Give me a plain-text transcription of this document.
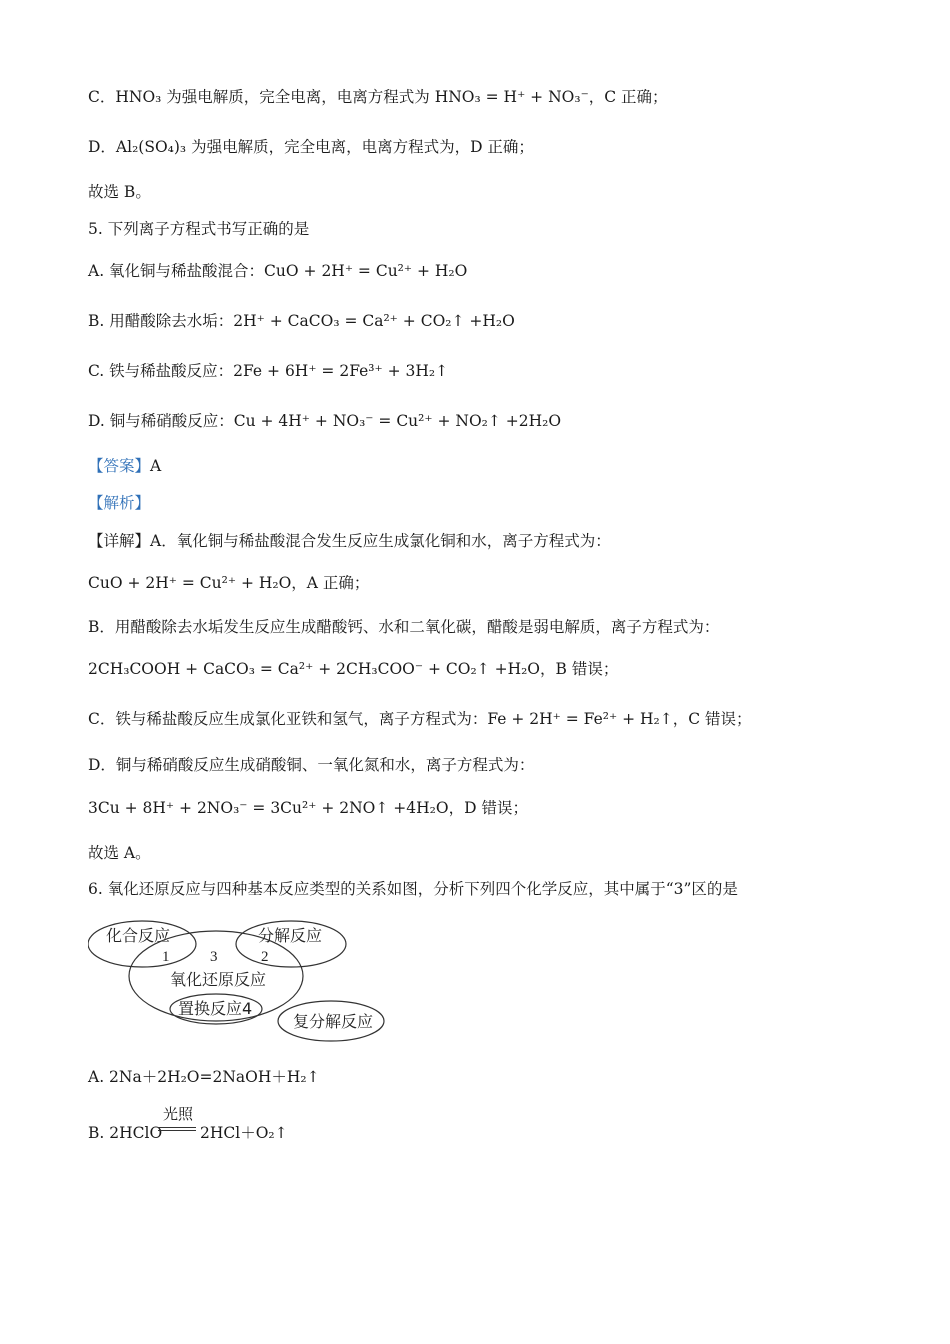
C．HNO₃ 为强电解质，完全电离，电离方程式为 HNO₃ = H⁺ + NO₃⁻，C 正确；
D．Al₂(SO₄)₃ 为强电解质，完全电离，电离方程式为，D 正确；
故选 B。
5. 下列离子方程式书写正确的是
A. 氧化铜与稀盐酸混合：CuO + 2H⁺ = Cu²⁺ + H₂O
B. 用醋酸除去水垢：2H⁺ + CaCO₃ = Ca²⁺ + CO₂↑ +H₂O
C. 铁与稀盐酸反应：2Fe + 6H⁺ = 2Fe³⁺ + 3H₂↑
D. 铜与稀硝酸反应：Cu + 4H⁺ + NO₃⁻ = Cu²⁺ + NO₂↑ +2H₂O
【答案】A
【解析】
【详解】A．氧化铜与稀盐酸混合发生反应生成氯化铜和水，离子方程式为：
CuO + 2H⁺ = Cu²⁺ + H₂O，A 正确；
B．用醋酸除去水垢发生反应生成醋酸钙、水和二氧化碳，醋酸是弱电解质，离子方程式为：
2CH₃COOH + CaCO₃ = Ca²⁺ + 2CH₃COO⁻ + CO₂↑ +H₂O，B 错误；
C．铁与稀盐酸反应生成氯化亚铁和氢气，离子方程式为：Fe + 2H⁺ = Fe²⁺ + H₂↑，C 错误；
D．铜与稀硝酸反应生成硝酸铜、一氧化氮和水，离子方程式为：
3Cu + 8H⁺ + 2NO₃⁻ = 3Cu²⁺ + 2NO↑ +4H₂O，D 错误；
故选 A。
6. 氧化还原反应与四种基本反应类型的关系如图，分析下列四个化学反应，其中属于“3”区的是
化合反应	分解反应
1	3	2
氧化还原反应
置换反应4
复分解反应
A. 2Na＋2H₂O=2NaOH＋H₂↑
B. 2HClO
光照
2HCl＋O₂↑
